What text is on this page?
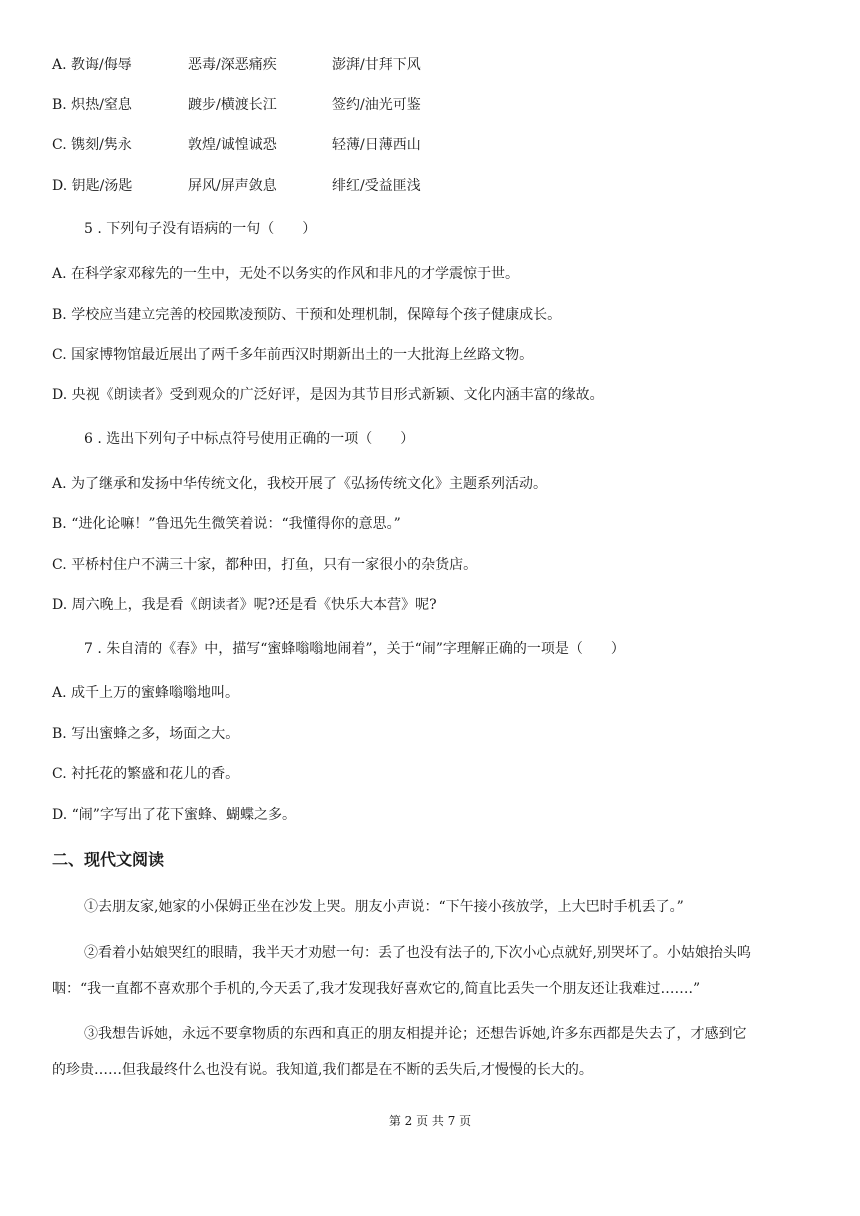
A. 教诲/侮辱	恶毒/深恶痛疾	澎湃/甘拜下风
B. 炽热/窒息	踱步/横渡长江	签约/油光可鉴
C. 镌刻/隽永	敦煌/诚惶诚恐	轻薄/日薄西山
D. 钥匙/汤匙	屏风/屏声敛息	绯红/受益匪浅
5 . 下列句子没有语病的一句（　　）
A. 在科学家邓稼先的一生中，无处不以务实的作风和非凡的才学震惊于世。
B. 学校应当建立完善的校园欺凌预防、干预和处理机制，保障每个孩子健康成长。
C. 国家博物馆最近展出了两千多年前西汉时期新出土的一大批海上丝路文物。
D. 央视《朗读者》受到观众的广泛好评，是因为其节目形式新颖、文化内涵丰富的缘故。
6 . 选出下列句子中标点符号使用正确的一项（　　）
A. 为了继承和发扬中华传统文化，我校开展了《弘扬传统文化》主题系列活动。
B. “进化论嘛！”鲁迅先生微笑着说：“我懂得你的意思。”
C. 平桥村住户不满三十家，都种田，打鱼，只有一家很小的杂货店。
D. 周六晚上，我是看《朗读者》呢?还是看《快乐大本营》呢?
7 . 朱自清的《春》中，描写“蜜蜂嗡嗡地闹着”，关于“闹”字理解正确的一项是（　　）
A. 成千上万的蜜蜂嗡嗡地叫。
B. 写出蜜蜂之多，场面之大。
C. 衬托花的繁盛和花儿的香。
D. “闹”字写出了花下蜜蜂、蝴蝶之多。
二、现代文阅读
①去朋友家,她家的小保姆正坐在沙发上哭。朋友小声说：“下午接小孩放学，上大巴时手机丢了。”
②看着小姑娘哭红的眼睛，我半天才劝慰一句：丢了也没有法子的,下次小心点就好,别哭坏了。小姑娘抬头呜
咽：“我一直都不喜欢那个手机的,今天丢了,我才发现我好喜欢它的,简直比丢失一个朋友还让我难过…….”
③我想告诉她，永远不要拿物质的东西和真正的朋友相提并论；还想告诉她,许多东西都是失去了，才感到它
的珍贵……但我最终什么也没有说。我知道,我们都是在不断的丢失后,才慢慢的长大的。
第 2 页 共 7 页
